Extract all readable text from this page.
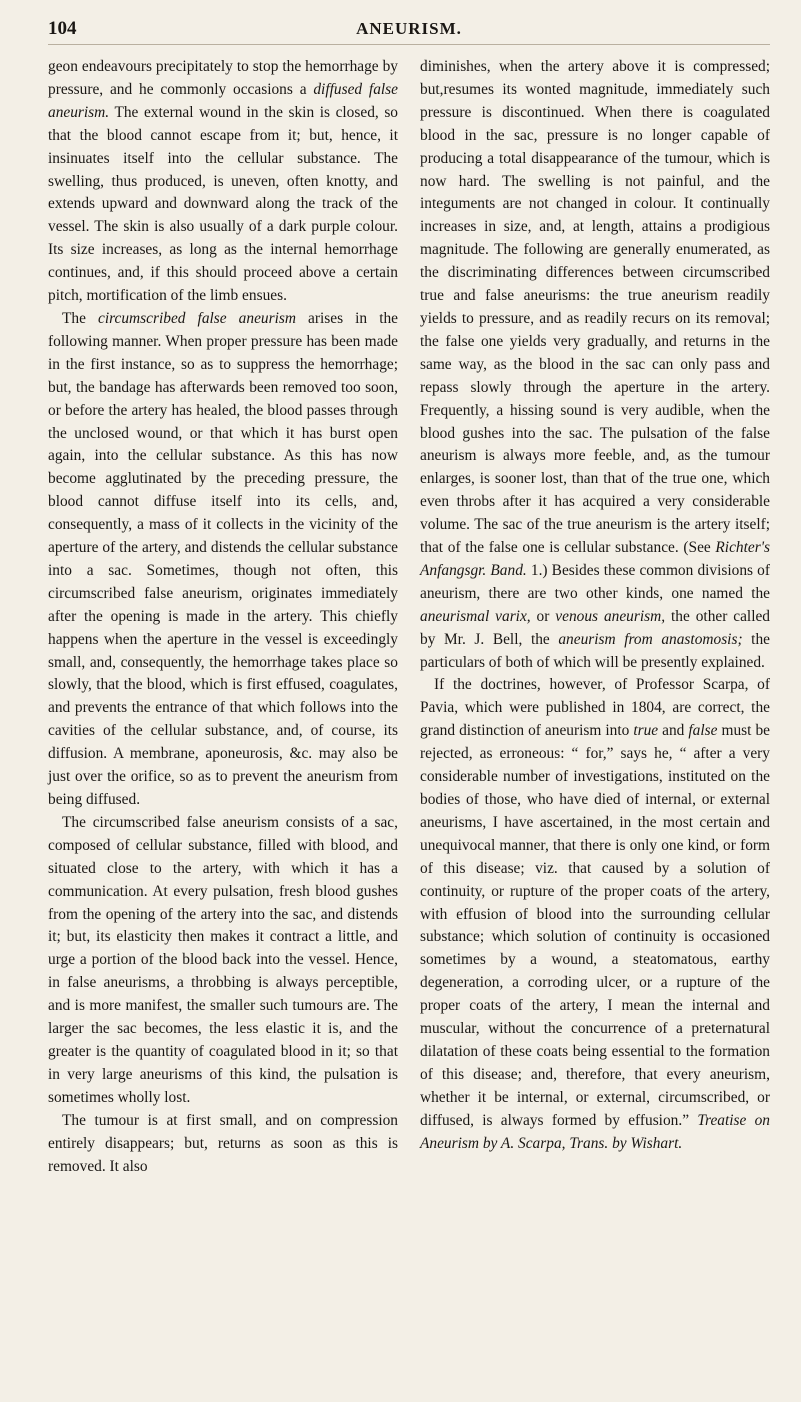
104	ANEURISM.

geon endeavours precipitately to stop the hemorrhage by pressure, and he commonly occasions a diffused false aneurism. The external wound in the skin is closed, so that the blood cannot escape from it; but, hence, it insinuates itself into the cellular substance. The swelling, thus produced, is uneven, often knotty, and extends upward and downward along the track of the vessel. The skin is also usually of a dark purple colour. Its size increases, as long as the internal hemorrhage continues, and, if this should proceed above a certain pitch, mortification of the limb ensues.

The circumscribed false aneurism arises in the following manner. When proper pressure has been made in the first instance, so as to suppress the hemorrhage; but, the bandage has afterwards been removed too soon, or before the artery has healed, the blood passes through the unclosed wound, or that which it has burst open again, into the cellular substance. As this has now become agglutinated by the preceding pressure, the blood cannot diffuse itself into its cells, and, consequently, a mass of it collects in the vicinity of the aperture of the artery, and distends the cellular substance into a sac. Sometimes, though not often, this circumscribed false aneurism, originates immediately after the opening is made in the artery. This chiefly happens when the aperture in the vessel is exceedingly small, and, consequently, the hemorrhage takes place so slowly, that the blood, which is first effused, coagulates, and prevents the entrance of that which follows into the cavities of the cellular substance, and, of course, its diffusion. A membrane, aponeurosis, &c. may also be just over the orifice, so as to prevent the aneurism from being diffused.

The circumscribed false aneurism consists of a sac, composed of cellular substance, filled with blood, and situated close to the artery, with which it has a communication. At every pulsation, fresh blood gushes from the opening of the artery into the sac, and distends it; but, its elasticity then makes it contract a little, and urge a portion of the blood back into the vessel. Hence, in false aneurisms, a throbbing is always perceptible, and is more manifest, the smaller such tumours are. The larger the sac becomes, the less elastic it is, and the greater is the quantity of coagulated blood in it; so that in very large aneurisms of this kind, the pulsation is sometimes wholly lost.

The tumour is at first small, and on compression entirely disappears; but, returns as soon as this is removed. It also

diminishes, when the artery above it is compressed; but,resumes its wonted magnitude, immediately such pressure is discontinued. When there is coagulated blood in the sac, pressure is no longer capable of producing a total disappearance of the tumour, which is now hard. The swelling is not painful, and the integuments are not changed in colour. It continually increases in size, and, at length, attains a prodigious magnitude. The following are generally enumerated, as the discriminating differences between circumscribed true and false aneurisms: the true aneurism readily yields to pressure, and as readily recurs on its removal; the false one yields very gradually, and returns in the same way, as the blood in the sac can only pass and repass slowly through the aperture in the artery. Frequently, a hissing sound is very audible, when the blood gushes into the sac. The pulsation of the false aneurism is always more feeble, and, as the tumour enlarges, is sooner lost, than that of the true one, which even throbs after it has acquired a very considerable volume. The sac of the true aneurism is the artery itself; that of the false one is cellular substance. (See Richter's Anfangsgr. Band. 1.) Besides these common divisions of aneurism, there are two other kinds, one named the aneurismal varix, or venous aneurism, the other called by Mr. J. Bell, the aneurism from anastomosis; the particulars of both of which will be presently explained.

If the doctrines, however, of Professor Scarpa, of Pavia, which were published in 1804, are correct, the grand distinction of aneurism into true and false must be rejected, as erroneous: “ for,” says he, “ after a very considerable number of investigations, instituted on the bodies of those, who have died of internal, or external aneurisms, I have ascertained, in the most certain and unequivocal manner, that there is only one kind, or form of this disease; viz. that caused by a solution of continuity, or rupture of the proper coats of the artery, with effusion of blood into the surrounding cellular substance; which solution of continuity is occasioned sometimes by a wound, a steatomatous, earthy degeneration, a corroding ulcer, or a rupture of the proper coats of the artery, I mean the internal and muscular, without the concurrence of a preternatural dilatation of these coats being essential to the formation of this disease; and, therefore, that every aneurism, whether it be internal, or external, circumscribed, or diffused, is always formed by effusion.” Treatise on Aneurism by A. Scarpa, Trans. by Wishart.
